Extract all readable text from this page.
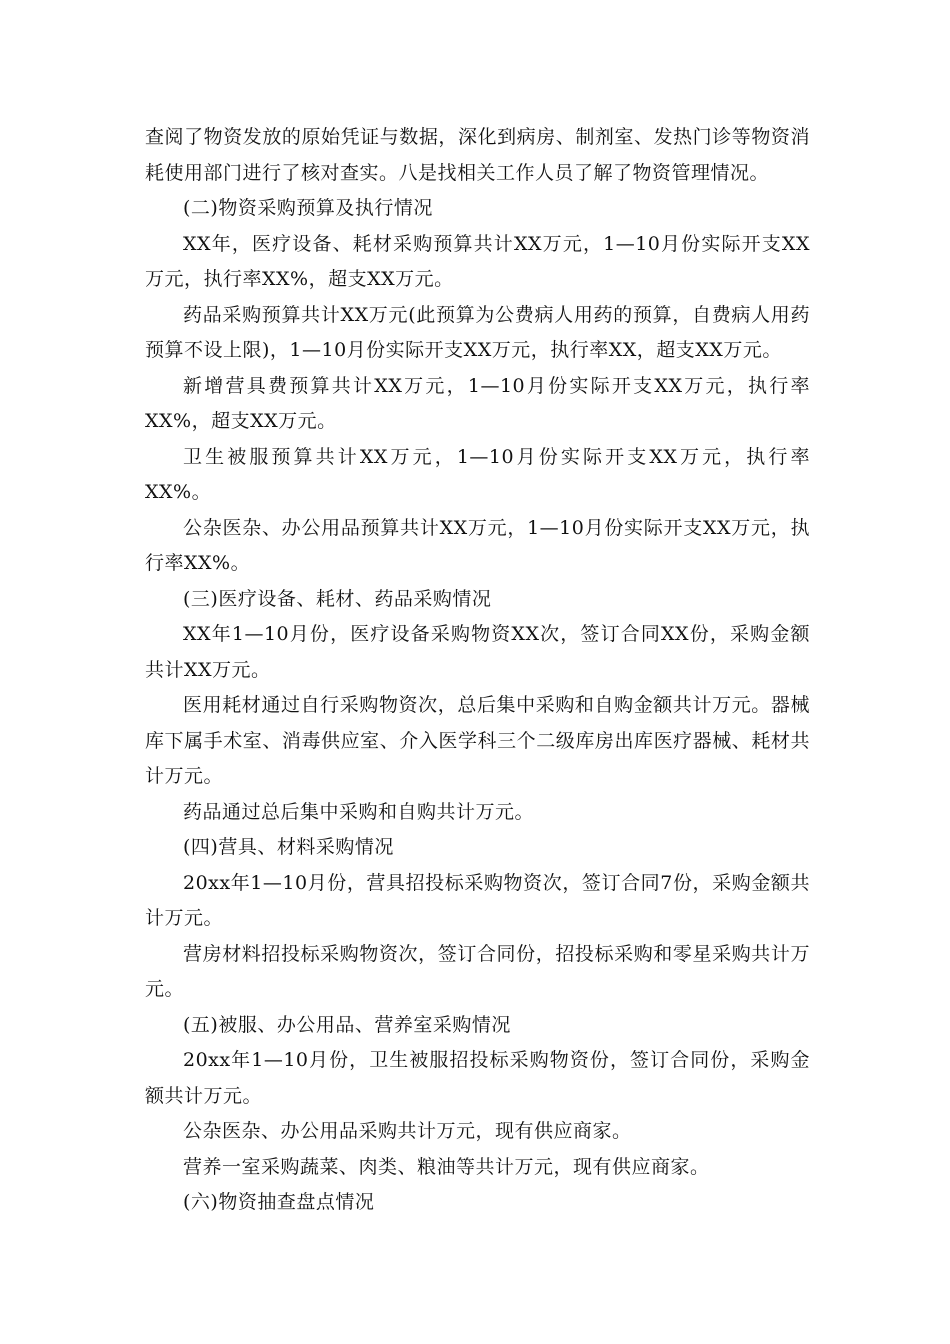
查阅了物资发放的原始凭证与数据，深化到病房、制剂室、发热门诊等物资消耗使用部门进行了核对查实。八是找相关工作人员了解了物资管理情况。

(二)物资采购预算及执行情况

XX年，医疗设备、耗材采购预算共计XX万元，1—10月份实际开支XX万元，执行率XX%，超支XX万元。

药品采购预算共计XX万元(此预算为公费病人用药的预算，自费病人用药预算不设上限)，1—10月份实际开支XX万元，执行率XX，超支XX万元。

新增营具费预算共计XX万元，1—10月份实际开支XX万元，执行率XX%，超支XX万元。

卫生被服预算共计XX万元，1—10月份实际开支XX万元，执行率XX%。

公杂医杂、办公用品预算共计XX万元，1—10月份实际开支XX万元，执行率XX%。

(三)医疗设备、耗材、药品采购情况

XX年1—10月份，医疗设备采购物资XX次，签订合同XX份，采购金额共计XX万元。

医用耗材通过自行采购物资次，总后集中采购和自购金额共计万元。器械库下属手术室、消毒供应室、介入医学科三个二级库房出库医疗器械、耗材共计万元。

药品通过总后集中采购和自购共计万元。

(四)营具、材料采购情况

20xx年1—10月份，营具招投标采购物资次，签订合同7份，采购金额共计万元。

营房材料招投标采购物资次，签订合同份，招投标采购和零星采购共计万元。

(五)被服、办公用品、营养室采购情况

20xx年1—10月份，卫生被服招投标采购物资份，签订合同份，采购金额共计万元。

公杂医杂、办公用品采购共计万元，现有供应商家。

营养一室采购蔬菜、肉类、粮油等共计万元，现有供应商家。

(六)物资抽查盘点情况
